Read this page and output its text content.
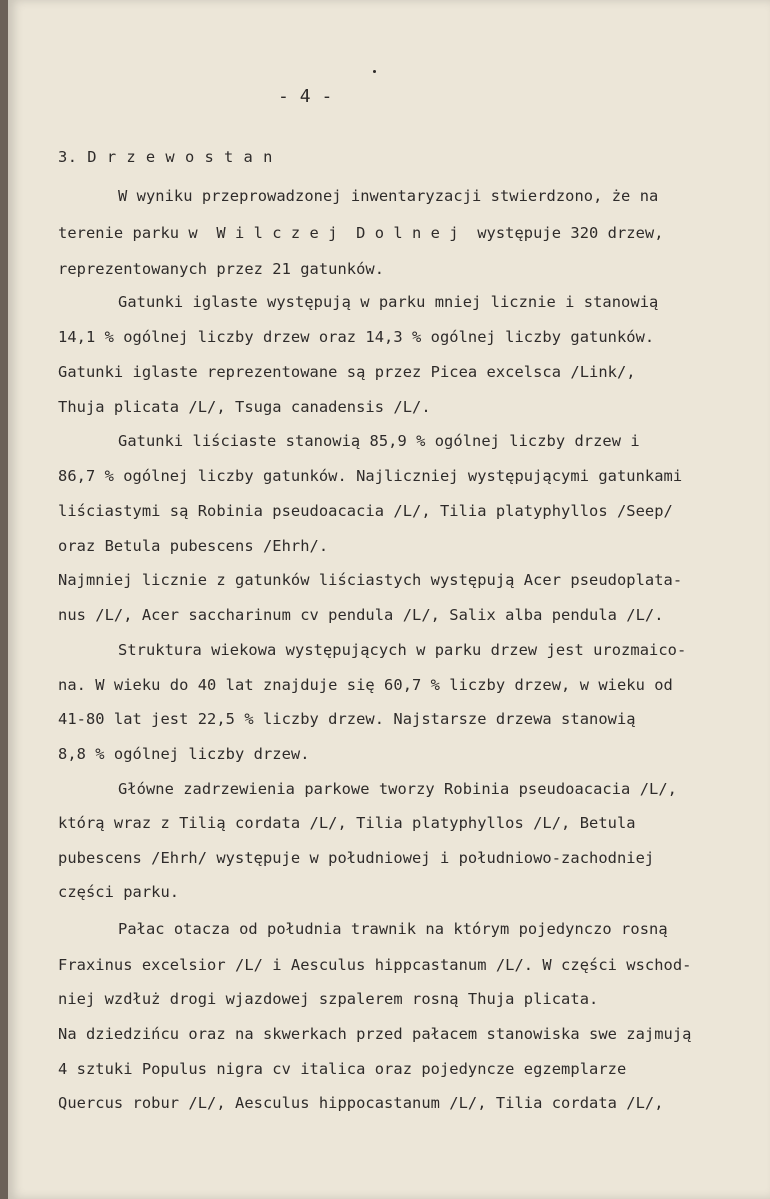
- 4 -
3. D r z e w o s t a n
W wyniku przeprowadzonej inwentaryzacji stwierdzono, że na
terenie parku w  W i l c z e j  D o l n e j  występuje 320 drzew,
reprezentowanych przez 21 gatunków.
Gatunki iglaste występują w parku mniej licznie i stanowią
14,1 % ogólnej liczby drzew oraz 14,3 % ogólnej liczby gatunków.
Gatunki iglaste reprezentowane są przez Picea excelsca /Link/,
Thuja plicata /L/, Tsuga canadensis /L/.
Gatunki liściaste stanowią 85,9 % ogólnej liczby drzew i
86,7 % ogólnej liczby gatunków. Najliczniej występującymi gatunkami
liściastymi są Robinia pseudoacacia /L/, Tilia platyphyllos /Seep/
oraz Betula pubescens /Ehrh/.
Najmniej licznie z gatunków liściastych występują Acer pseudoplata-
nus /L/, Acer saccharinum cv pendula /L/, Salix alba pendula /L/.
Struktura wiekowa występujących w parku drzew jest urozmaico-
na. W wieku do 40 lat znajduje się 60,7 % liczby drzew, w wieku od
41-80 lat jest 22,5 % liczby drzew. Najstarsze drzewa stanowią
8,8 % ogólnej liczby drzew.
Główne zadrzewienia parkowe tworzy Robinia pseudoacacia /L/,
którą wraz z Tilią cordata /L/, Tilia platyphyllos /L/, Betula
pubescens /Ehrh/ występuje w południowej i południowo-zachodniej
części parku.
Pałac otacza od południa trawnik na którym pojedynczo rosną
Fraxinus excelsior /L/ i Aesculus hippcastanum /L/. W części wschod-
niej wzdłuż drogi wjazdowej szpalerem rosną Thuja plicata.
Na dziedzińcu oraz na skwerkach przed pałacem stanowiska swe zajmują
4 sztuki Populus nigra cv italica oraz pojedyncze egzemplarze
Quercus robur /L/, Aesculus hippocastanum /L/, Tilia cordata /L/,
